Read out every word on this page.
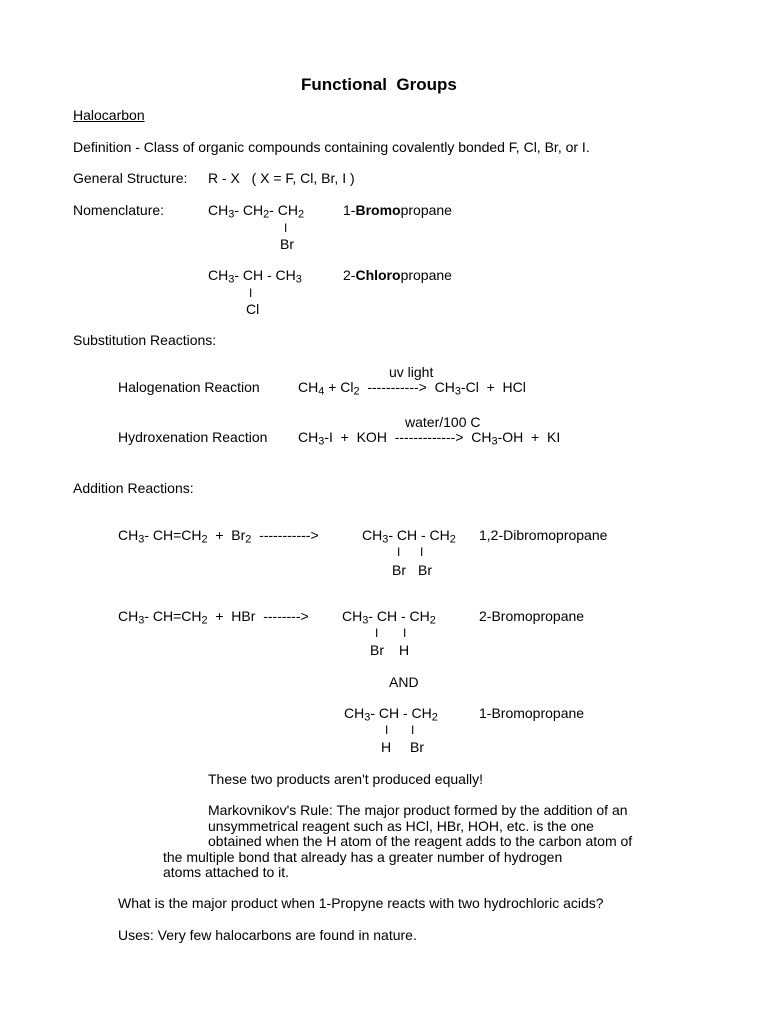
Functional  Groups
Halocarbon
Definition - Class of organic compounds containing covalently bonded F, Cl, Br, or I.
General Structure: R - X   ( X = F, Cl, Br, I )
Nomenclature:	$CH_3-$ $CH_2-$ $CH_2$
I
Br
1-Bromopropane
$CH_3-$ CH - $CH_3$
I
Cl
2-Chloropropane
Substitution Reactions:
uv light
Halogenation Reaction	$CH_4 + Cl_2$  ----------->  $CH_3-Cl$  +  HCl
water/100 C
Hydroxenation Reaction $CH_3-I$  +  KOH  ------------->  $CH_3-OH$  +  KI
Addition Reactions:
$CH_3-$ $CH=CH_2 + Br_2$  ----------->	$CH_3-$ CH - $CH_2$
I I
Br Br
1,2-Dibromopropane
$CH_3-$ $CH=CH_2$  +  HBr  --------> $CH_3-$ CH - $CH_2$
I I
Br H
2-Bromopropane
AND
$CH_3-$ CH - $CH_2$
I I
H Br
1-Bromopropane
These two products aren't produced equally!
Markovnikov's Rule: The major product formed by the addition of an
unsymmetrical reagent such as HCl, HBr, HOH, etc. is the one
obtained when the H atom of the reagent adds to the carbon atom of
the multiple bond that already has a greater number of hydrogen
atoms attached to it.
What is the major product when 1-Propyne reacts with two hydrochloric acids?
Uses: Very few halocarbons are found in nature.
